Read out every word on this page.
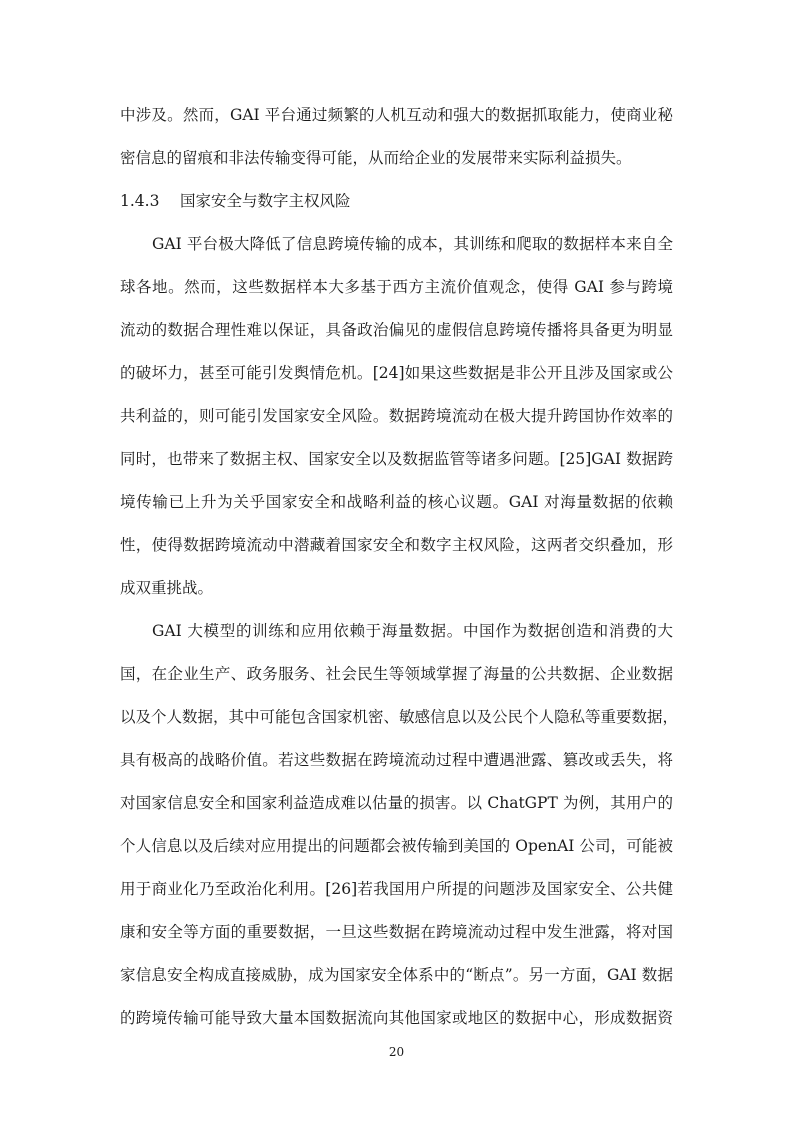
中涉及。然而，GAI 平台通过频繁的人机互动和强大的数据抓取能力，使商业秘
密信息的留痕和非法传输变得可能，从而给企业的发展带来实际利益损失。
1.4.3 国家安全与数字主权风险
GAI 平台极大降低了信息跨境传输的成本，其训练和爬取的数据样本来自全
球各地。然而，这些数据样本大多基于西方主流价值观念，使得 GAI 参与跨境
流动的数据合理性难以保证，具备政治偏见的虚假信息跨境传播将具备更为明显
的破坏力，甚至可能引发舆情危机。[24]如果这些数据是非公开且涉及国家或公
共利益的，则可能引发国家安全风险。数据跨境流动在极大提升跨国协作效率的
同时，也带来了数据主权、国家安全以及数据监管等诸多问题。[25]GAI 数据跨
境传输已上升为关乎国家安全和战略利益的核心议题。GAI 对海量数据的依赖
性，使得数据跨境流动中潜藏着国家安全和数字主权风险，这两者交织叠加，形
成双重挑战。
GAI 大模型的训练和应用依赖于海量数据。中国作为数据创造和消费的大
国，在企业生产、政务服务、社会民生等领域掌握了海量的公共数据、企业数据
以及个人数据，其中可能包含国家机密、敏感信息以及公民个人隐私等重要数据，
具有极高的战略价值。若这些数据在跨境流动过程中遭遇泄露、篡改或丢失，将
对国家信息安全和国家利益造成难以估量的损害。以 ChatGPT 为例，其用户的
个人信息以及后续对应用提出的问题都会被传输到美国的 OpenAI 公司，可能被
用于商业化乃至政治化利用。[26]若我国用户所提的问题涉及国家安全、公共健
康和安全等方面的重要数据，一旦这些数据在跨境流动过程中发生泄露，将对国
家信息安全构成直接威胁，成为国家安全体系中的“断点”。另一方面，GAI 数据
的跨境传输可能导致大量本国数据流向其他国家或地区的数据中心，形成数据资
20
